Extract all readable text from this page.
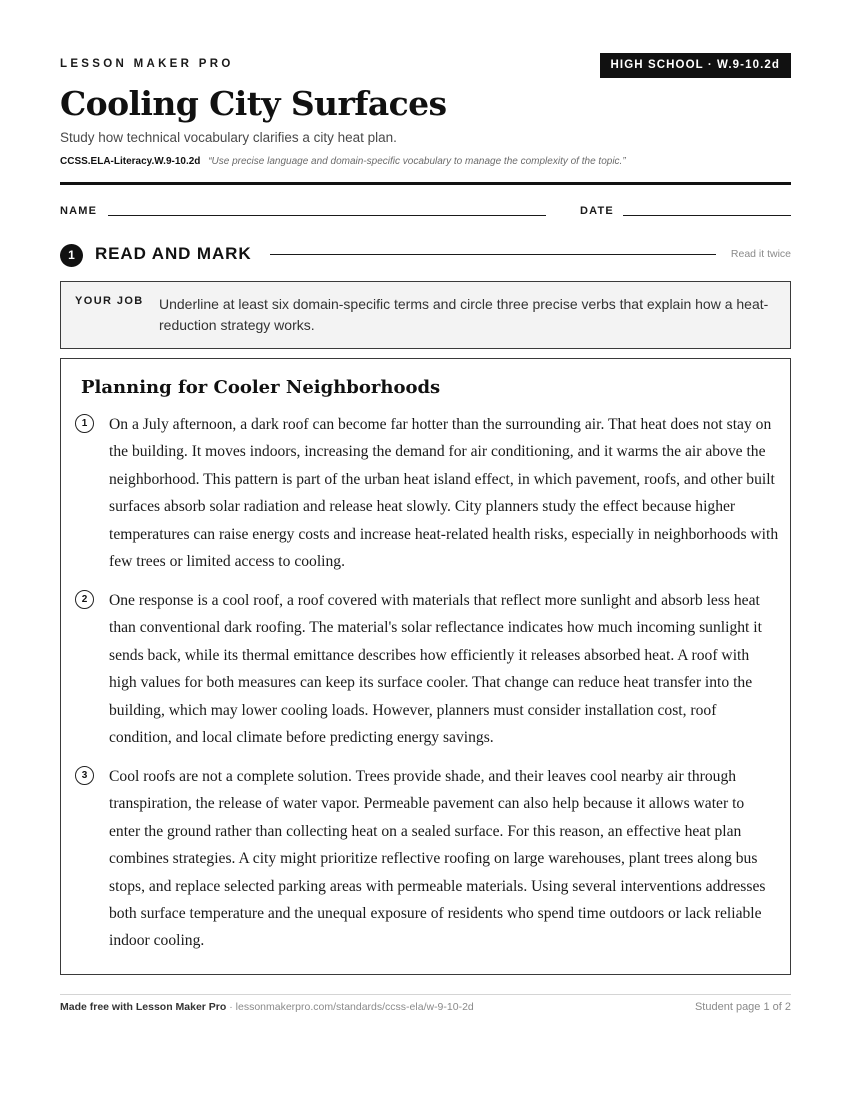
LESSON MAKER PRO	HIGH SCHOOL · W.9-10.2d
Cooling City Surfaces
Study how technical vocabulary clarifies a city heat plan.
CCSS.ELA-Literacy.W.9-10.2d “Use precise language and domain-specific vocabulary to manage the complexity of the topic.”
NAME	DATE
1	READ AND MARK	Read it twice
YOUR JOB Underline at least six domain-specific terms and circle three precise verbs that explain how a heat-reduction strategy works.
Planning for Cooler Neighborhoods
1	On a July afternoon, a dark roof can become far hotter than the surrounding air. That heat does not stay on the building. It moves indoors, increasing the demand for air conditioning, and it warms the air above the neighborhood. This pattern is part of the urban heat island effect, in which pavement, roofs, and other built surfaces absorb solar radiation and release heat slowly. City planners study the effect because higher temperatures can raise energy costs and increase heat-related health risks, especially in neighborhoods with few trees or limited access to cooling.

2	One response is a cool roof, a roof covered with materials that reflect more sunlight and absorb less heat than conventional dark roofing. The material's solar reflectance indicates how much incoming sunlight it sends back, while its thermal emittance describes how efficiently it releases absorbed heat. A roof with high values for both measures can keep its surface cooler. That change can reduce heat transfer into the building, which may lower cooling loads. However, planners must consider installation cost, roof condition, and local climate before predicting energy savings.

3	Cool roofs are not a complete solution. Trees provide shade, and their leaves cool nearby air through transpiration, the release of water vapor. Permeable pavement can also help because it allows water to enter the ground rather than collecting heat on a sealed surface. For this reason, an effective heat plan combines strategies. A city might prioritize reflective roofing on large warehouses, plant trees along bus stops, and replace selected parking areas with permeable materials. Using several interventions addresses both surface temperature and the unequal exposure of residents who spend time outdoors or lack reliable indoor cooling.

Made free with Lesson Maker Pro · lessonmakerpro.com/standards/ccss-ela/w-9-10-2d	Student page 1 of 2
